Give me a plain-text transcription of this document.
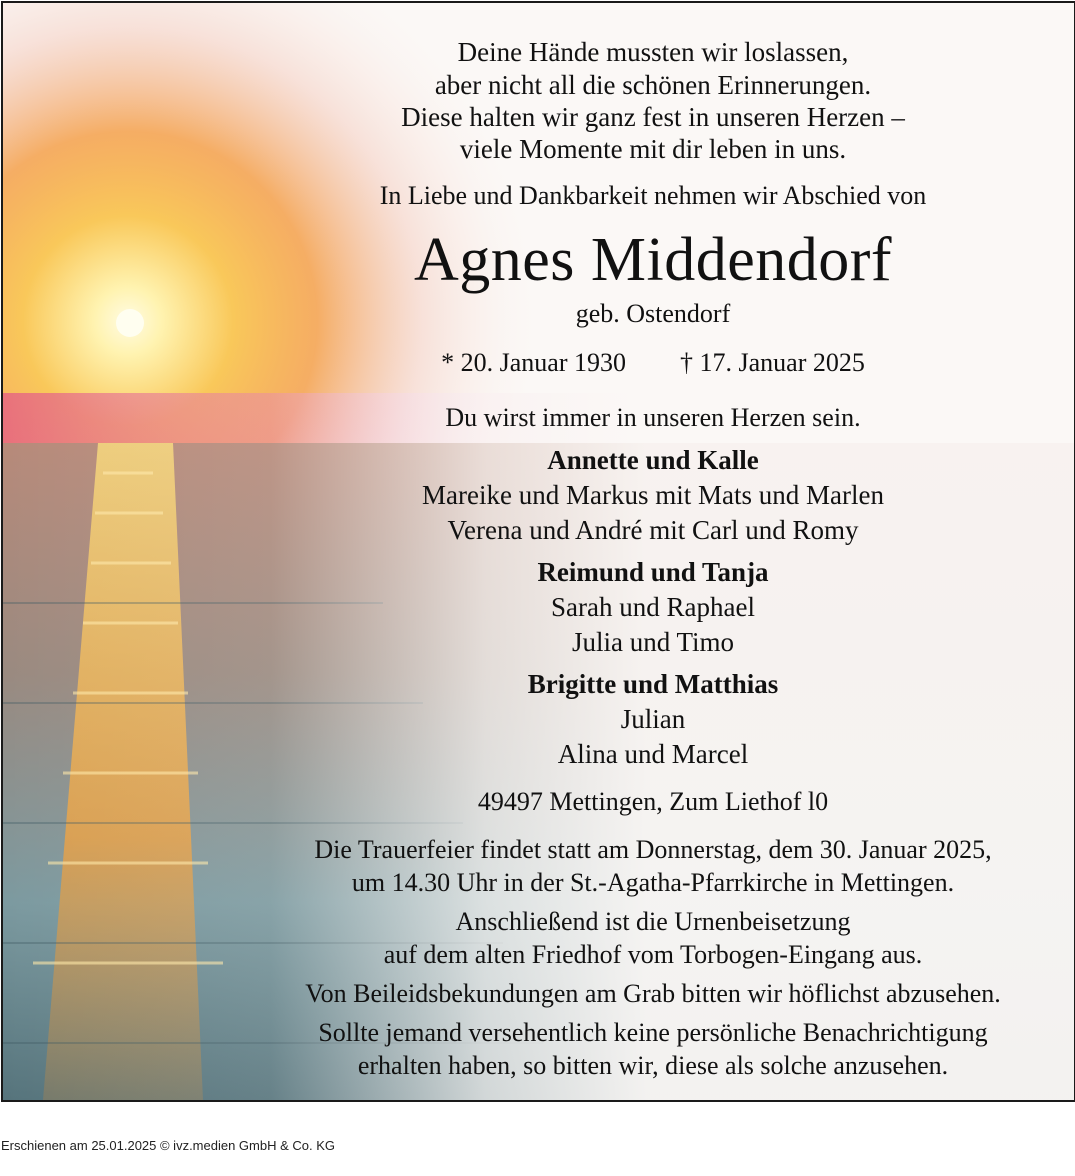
Deine Hände mussten wir loslassen,
aber nicht all die schönen Erinnerungen.
Diese halten wir ganz fest in unseren Herzen –
viele Momente mit dir leben in uns.
In Liebe und Dankbarkeit nehmen wir Abschied von
Agnes Middendorf
geb. Ostendorf
* 20. Januar 1930 † 17. Januar 2025
Du wirst immer in unseren Herzen sein.
Annette und Kalle
Mareike und Markus mit Mats und Marlen
Verena und André mit Carl und Romy
Reimund und Tanja
Sarah und Raphael
Julia und Timo
Brigitte und Matthias
Julian
Alina und Marcel
49497 Mettingen, Zum Liethof l0
Die Trauerfeier findet statt am Donnerstag, dem 30. Januar 2025,
um 14.30 Uhr in der St.-Agatha-Pfarrkirche in Mettingen.
Anschließend ist die Urnenbeisetzung
auf dem alten Friedhof vom Torbogen-Eingang aus.
Von Beileidsbekundungen am Grab bitten wir höflichst abzusehen.
Sollte jemand versehentlich keine persönliche Benachrichtigung
erhalten haben, so bitten wir, diese als solche anzusehen.
Erschienen am 25.01.2025 © ivz.medien GmbH & Co. KG
